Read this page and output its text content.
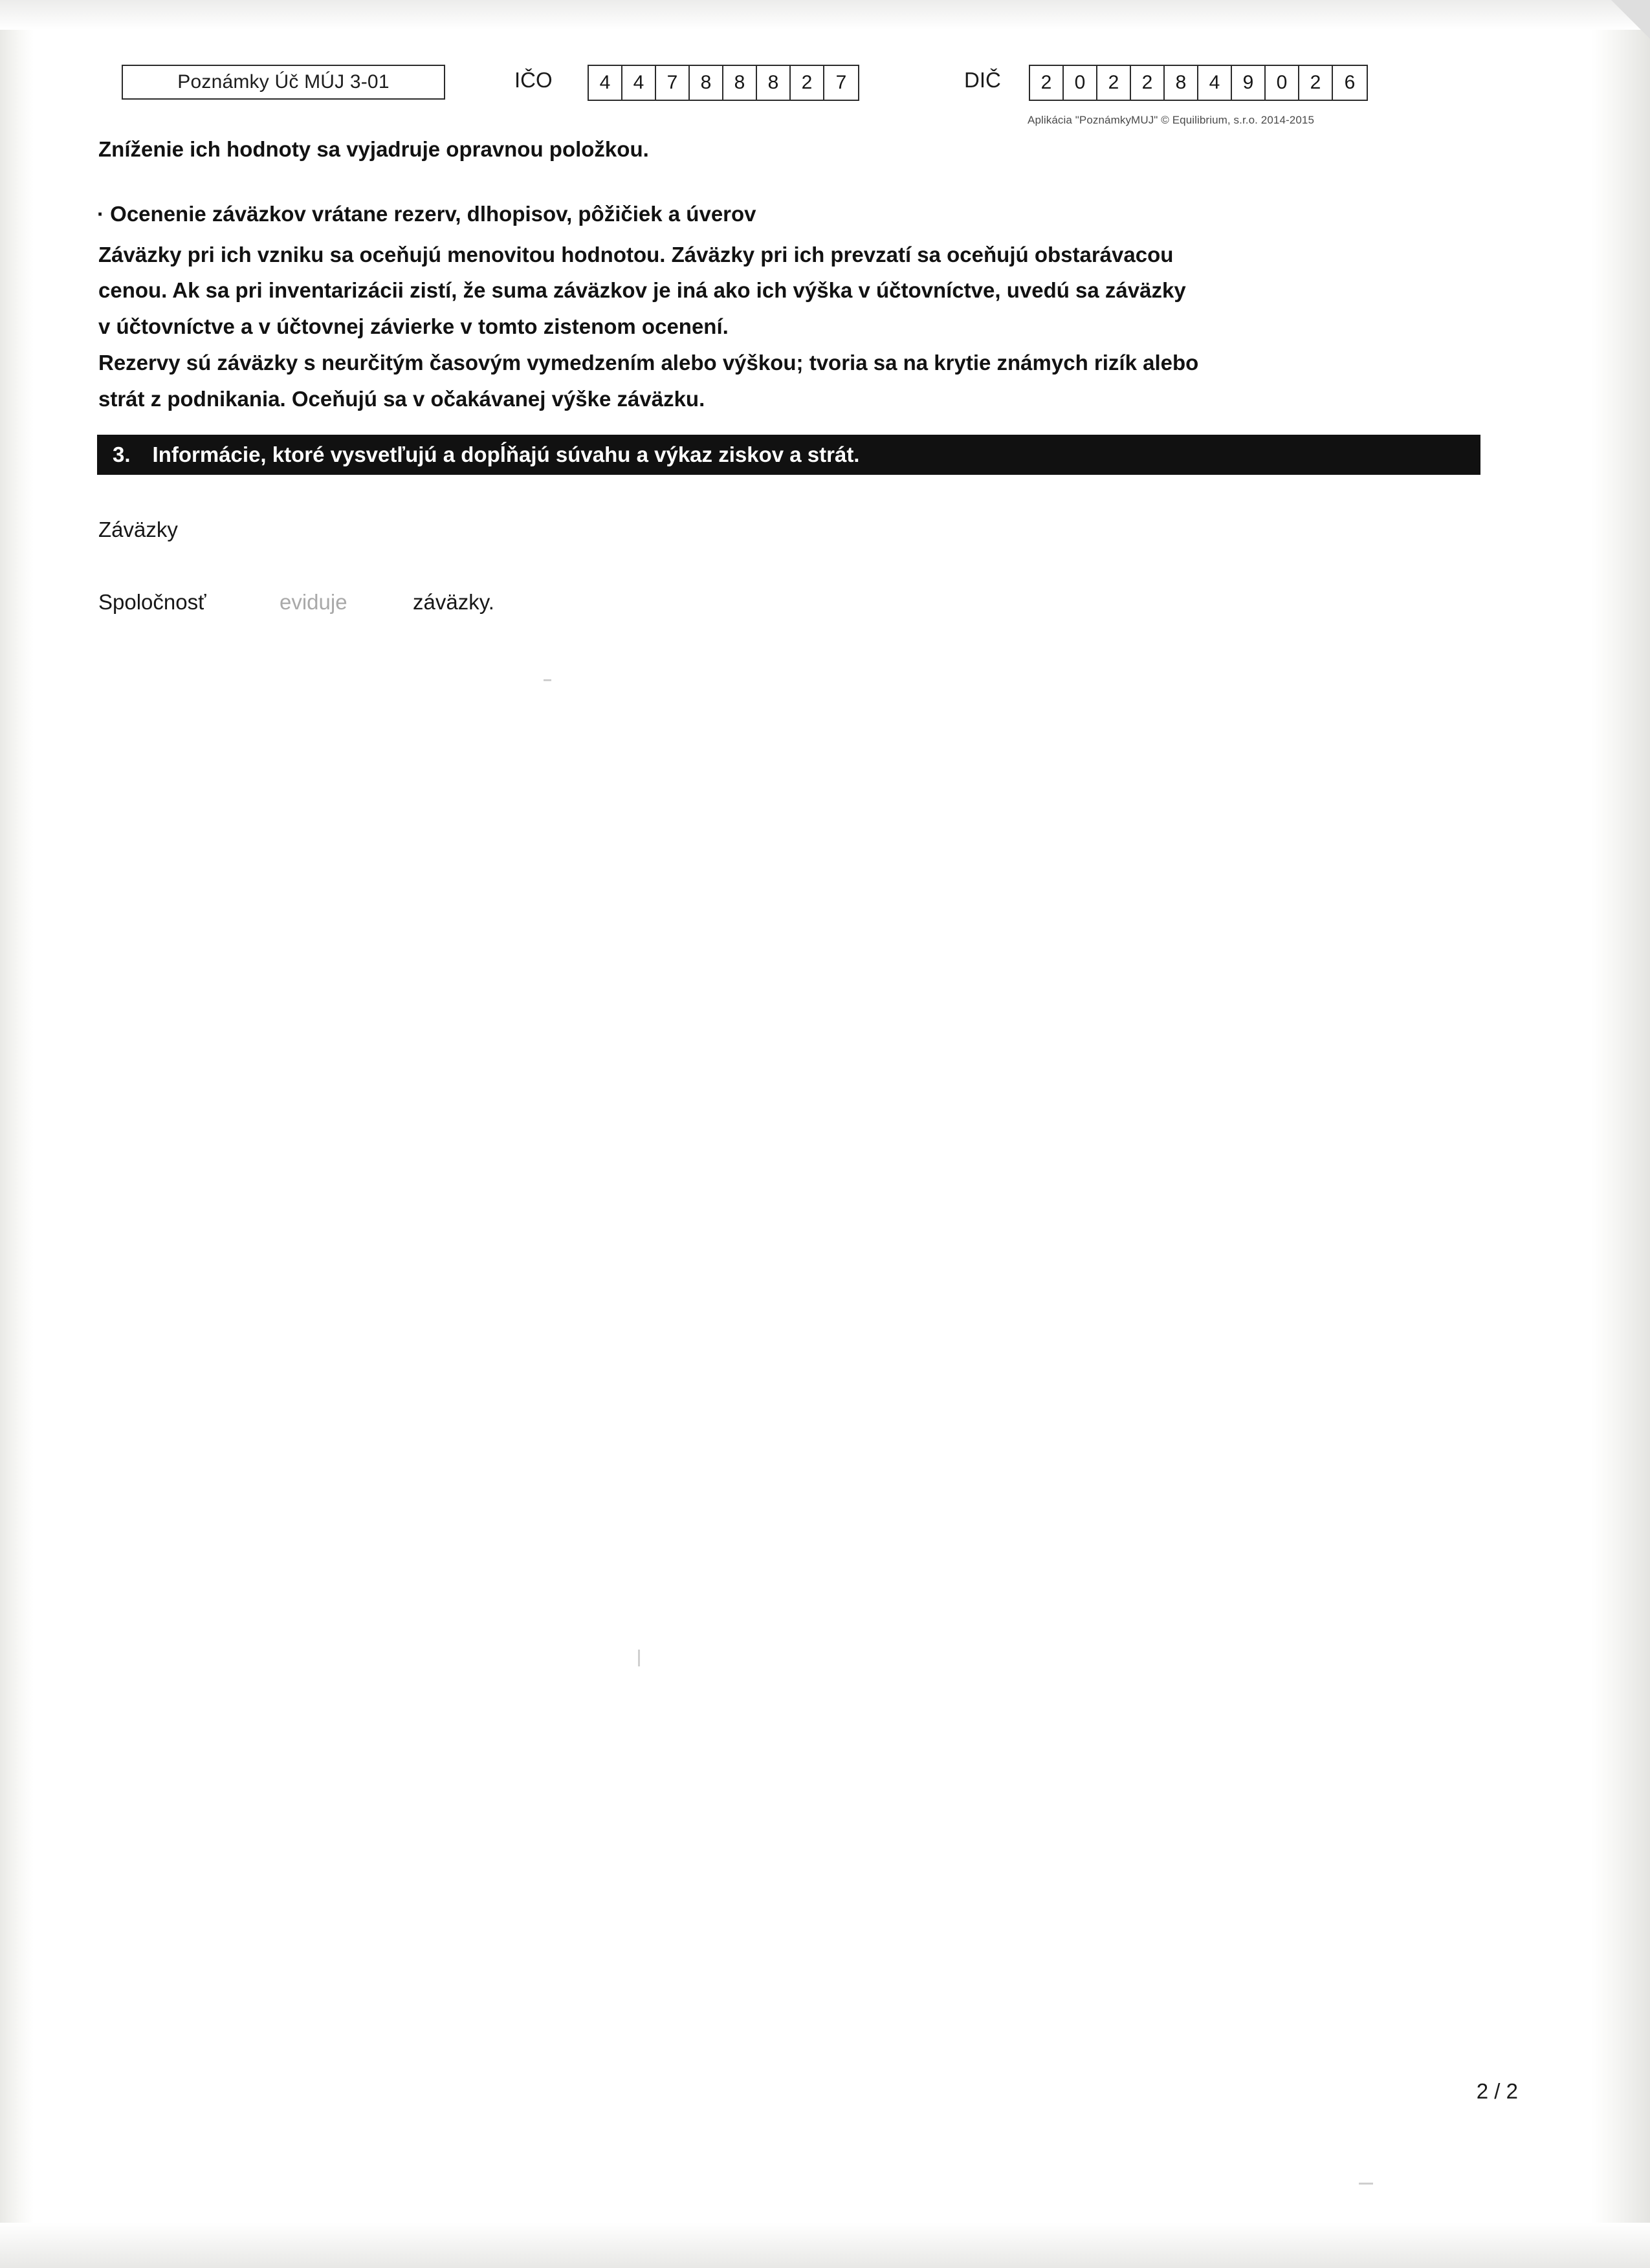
Poznámky Úč MÚJ 3-01	IČO	4	4	7	8	8	8	2	7	DIČ	2	0	2	2	8	4	9	0	2	6
Aplikácia "PoznámkyMUJ" © Equilibrium, s.r.o. 2014-2015
Zníženie ich hodnoty sa vyjadruje opravnou položkou.
· Ocenenie záväzkov vrátane rezerv, dlhopisov, pôžičiek a úverov
Záväzky pri ich vzniku sa oceňujú menovitou hodnotou. Záväzky pri ich prevzatí sa oceňujú obstarávacou
cenou. Ak sa pri inventarizácii zistí, že suma záväzkov je iná ako ich výška v účtovníctve, uvedú sa záväzky
v účtovníctve a v účtovnej závierke v tomto zistenom ocenení.
Rezervy sú záväzky s neurčitým časovým vymedzením alebo výškou; tvoria sa na krytie známych rizík alebo
strát z podnikania. Oceňujú sa v očakávanej výške záväzku.
3.	Informácie, ktoré vysvetľujú a dopĺňajú súvahu a výkaz ziskov a strát.
Záväzky
Spoločnosť	eviduje	záväzky.
2 / 2
